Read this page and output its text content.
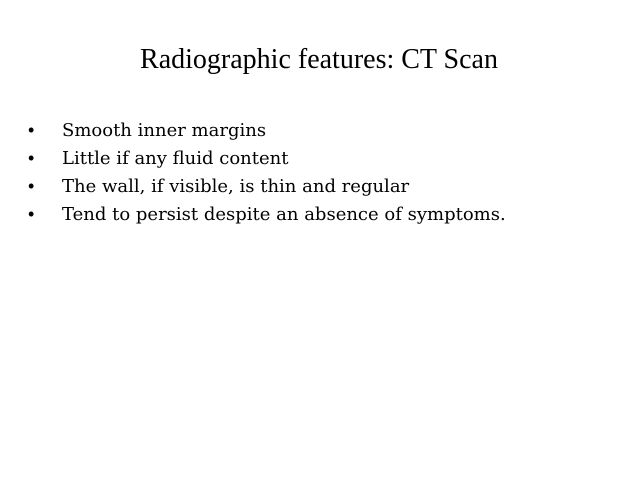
Radiographic features: CT Scan
•	Smooth inner margins
•	Little if any fluid content
•	The wall, if visible, is thin and regular
•	Tend to persist despite an absence of symptoms.
